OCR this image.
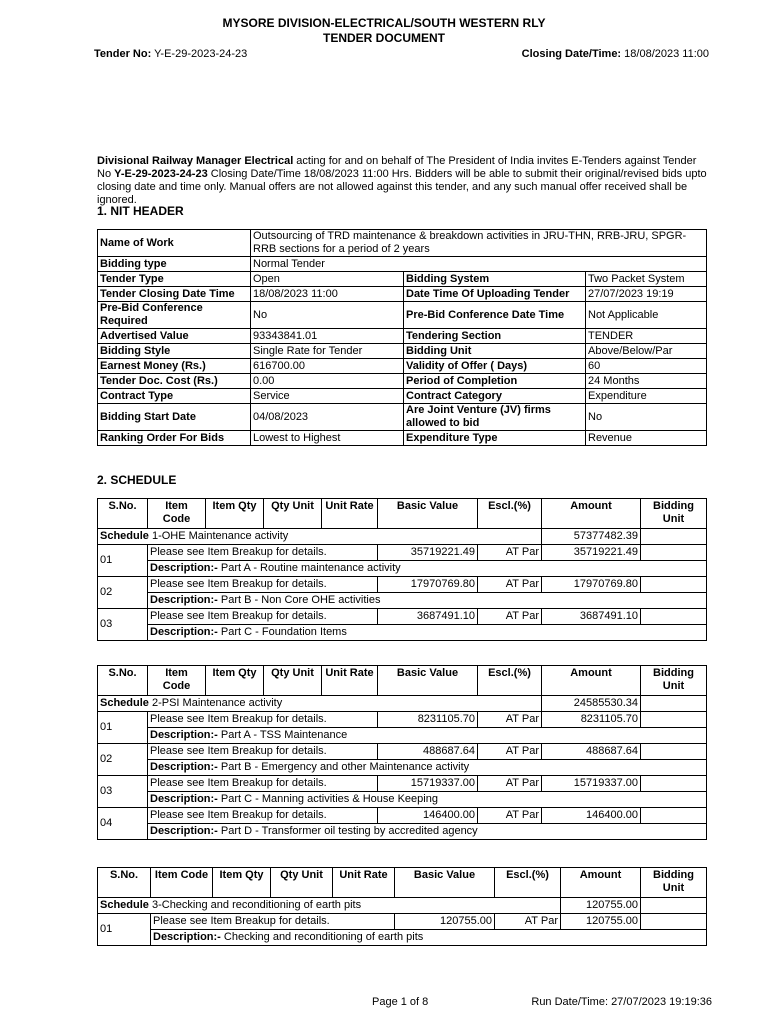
MYSORE DIVISION-ELECTRICAL/SOUTH WESTERN RLY
TENDER DOCUMENT
Tender No: Y-E-29-2023-24-23	Closing Date/Time: 18/08/2023 11:00
Divisional Railway Manager Electrical acting for and on behalf of The President of India invites E-Tenders against Tender No Y-E-29-2023-24-23 Closing Date/Time 18/08/2023 11:00 Hrs. Bidders will be able to submit their original/revised bids upto closing date and time only. Manual offers are not allowed against this tender, and any such manual offer received shall be ignored.
1. NIT HEADER
Name of Work	Outsourcing of TRD maintenance & breakdown activities in JRU-THN, RRB-JRU, SPGR-RRB sections for a period of 2 years		
Bidding type	Normal Tender		
Tender Type	Open	Bidding System	Two Packet System
Tender Closing Date Time	18/08/2023 11:00	Date Time Of Uploading Tender	27/07/2023 19:19
Pre-Bid Conference Required	No	Pre-Bid Conference Date Time	Not Applicable
Advertised Value	93343841.01	Tendering Section	TENDER
Bidding Style	Single Rate for Tender	Bidding Unit	Above/Below/Par
Earnest Money (Rs.)	616700.00	Validity of Offer ( Days)	60
Tender Doc. Cost (Rs.)	0.00	Period of Completion	24 Months
Contract Type	Service	Contract Category	Expenditure
Bidding Start Date	04/08/2023	Are Joint Venture (JV) firms allowed to bid	No
Ranking Order For Bids	Lowest to Highest	Expenditure Type	Revenue
2. SCHEDULE
S.No.	Item Code	Item Qty	Qty Unit	Unit Rate	Basic Value	Escl.(%)	Amount	Bidding Unit
Schedule 1-OHE Maintenance activity							57377482.39	
01	Please see Item Breakup for details.				35719221.49	AT Par	35719221.49	
	Description:- Part A - Routine maintenance activity							
02	Please see Item Breakup for details.				17970769.80	AT Par	17970769.80	
	Description:- Part B - Non Core OHE activities							
03	Please see Item Breakup for details.				3687491.10	AT Par	3687491.10	
	Description:- Part C - Foundation Items							
S.No.	Item Code	Item Qty	Qty Unit	Unit Rate	Basic Value	Escl.(%)	Amount	Bidding Unit
Schedule 2-PSI Maintenance activity							24585530.34	
01	Please see Item Breakup for details.				8231105.70	AT Par	8231105.70	
	Description:- Part A - TSS Maintenance							
02	Please see Item Breakup for details.				488687.64	AT Par	488687.64	
	Description:- Part B - Emergency and other Maintenance activity							
03	Please see Item Breakup for details.				15719337.00	AT Par	15719337.00	
	Description:- Part C - Manning activities & House Keeping							
04	Please see Item Breakup for details.				146400.00	AT Par	146400.00	
	Description:- Part D - Transformer oil testing by accredited agency							
S.No.	Item Code	Item Qty	Qty Unit	Unit Rate	Basic Value	Escl.(%)	Amount	Bidding Unit
Schedule 3-Checking and reconditioning of earth pits							120755.00	
01	Please see Item Breakup for details.				120755.00	AT Par	120755.00	
	Description:- Checking and reconditioning of earth pits							
Page 1 of 8	Run Date/Time: 27/07/2023 19:19:36
